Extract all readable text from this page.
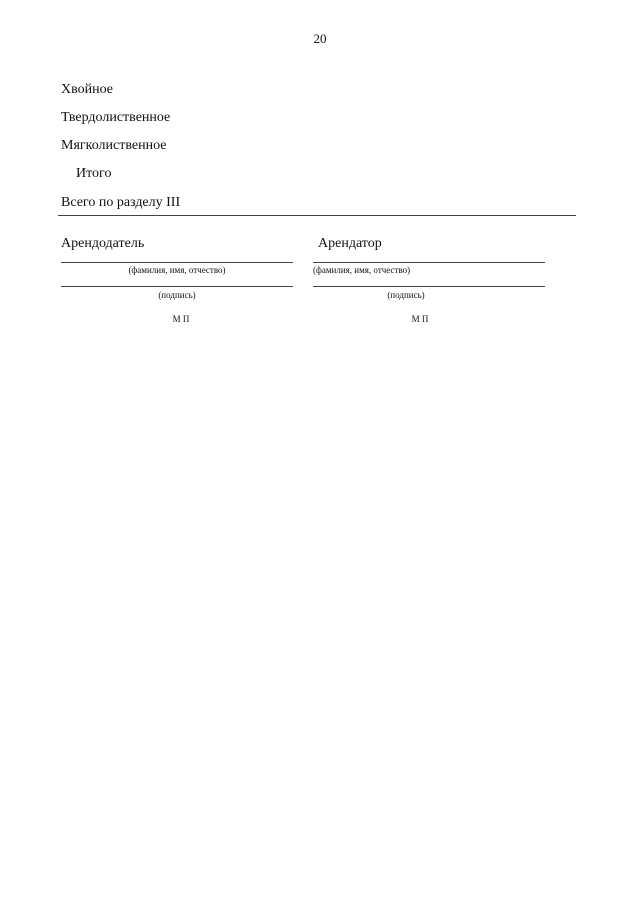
20
Хвойное
Твердолиственное
Мягколиственное
Итого
Всего по разделу III
Арендодатель
(фамилия, имя, отчество)
(подпись)
М П
Арендатор
(фамилия, имя, отчество)
(подпись)
М П
